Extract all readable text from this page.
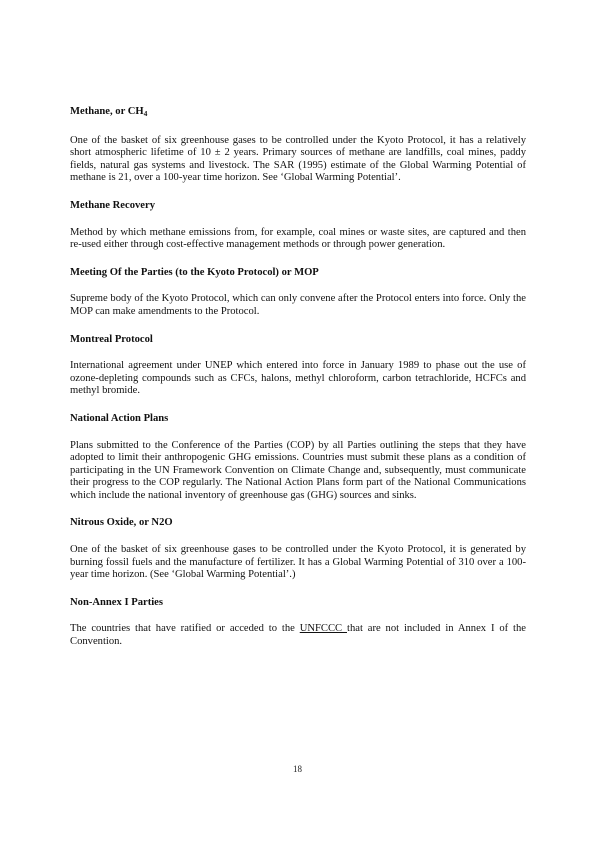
Methane, or $CH_4$
One of the basket of six greenhouse gases to be controlled under the Kyoto Protocol, it has a relatively short atmospheric lifetime of 10 ± 2 years. Primary sources of methane are landfills, coal mines, paddy fields, natural gas systems and livestock. The SAR (1995) estimate of the Global Warming Potential of methane is 21, over a 100-year time horizon. See ‘Global Warming Potential’.
Methane Recovery
Method by which methane emissions from, for example, coal mines or waste sites, are captured and then re-used either through cost-effective management methods or through power generation.
Meeting Of the Parties (to the Kyoto Protocol) or MOP
Supreme body of the Kyoto Protocol, which can only convene after the Protocol enters into force. Only the MOP can make amendments to the Protocol.
Montreal Protocol
International agreement under UNEP which entered into force in January 1989 to phase out the use of ozone-depleting compounds such as CFCs, halons, methyl chloroform, carbon tetrachloride, HCFCs and methyl bromide.
National Action Plans
Plans submitted to the Conference of the Parties (COP) by all Parties outlining the steps that they have adopted to limit their anthropogenic GHG emissions. Countries must submit these plans as a condition of participating in the UN Framework Convention on Climate Change and, subsequently, must communicate their progress to the COP regularly. The National Action Plans form part of the National Communications which include the national inventory of greenhouse gas (GHG) sources and sinks.
Nitrous Oxide, or N2O
One of the basket of six greenhouse gases to be controlled under the Kyoto Protocol, it is generated by burning fossil fuels and the manufacture of fertilizer. It has a Global Warming Potential of 310 over a 100-year time horizon. (See ‘Global Warming Potential’.)
Non-Annex I Parties
The countries that have ratified or acceded to the UNFCCC that are not included in Annex I of the Convention.
18
